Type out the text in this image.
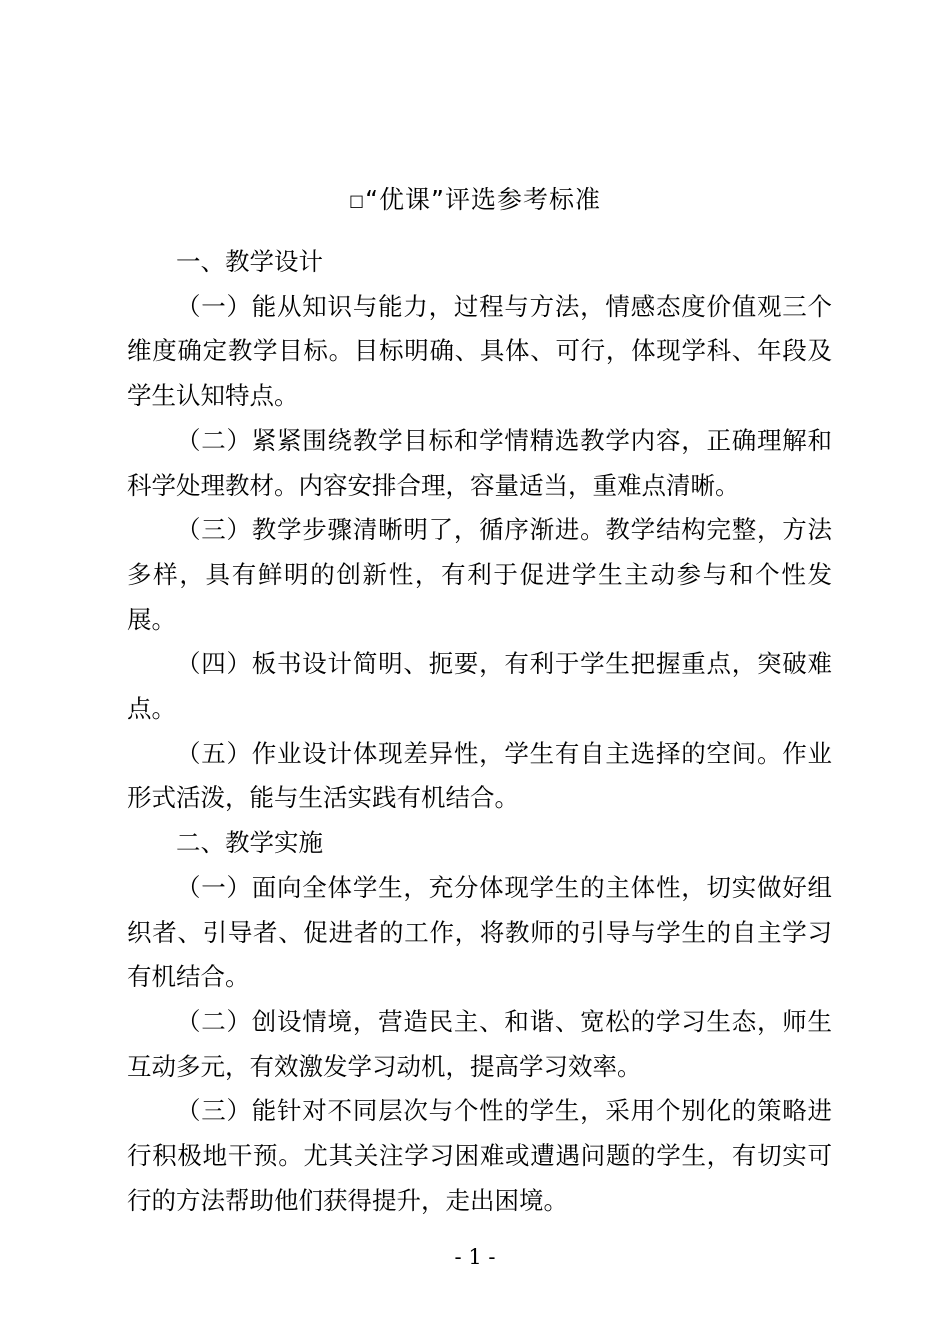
□“优课”评选参考标准

一、教学设计

（一）能从知识与能力，过程与方法，情感态度价值观三个维度确定教学目标。目标明确、具体、可行，体现学科、年段及学生认知特点。

（二）紧紧围绕教学目标和学情精选教学内容，正确理解和科学处理教材。内容安排合理，容量适当，重难点清晰。

（三）教学步骤清晰明了，循序渐进。教学结构完整，方法多样，具有鲜明的创新性，有利于促进学生主动参与和个性发展。

（四）板书设计简明、扼要，有利于学生把握重点，突破难点。

（五）作业设计体现差异性，学生有自主选择的空间。作业形式活泼，能与生活实践有机结合。

二、教学实施

（一）面向全体学生，充分体现学生的主体性，切实做好组织者、引导者、促进者的工作，将教师的引导与学生的自主学习有机结合。

（二）创设情境，营造民主、和谐、宽松的学习生态，师生互动多元，有效激发学习动机，提高学习效率。

（三）能针对不同层次与个性的学生，采用个别化的策略进行积极地干预。尤其关注学习困难或遭遇问题的学生，有切实可行的方法帮助他们获得提升，走出困境。

- 1 -
